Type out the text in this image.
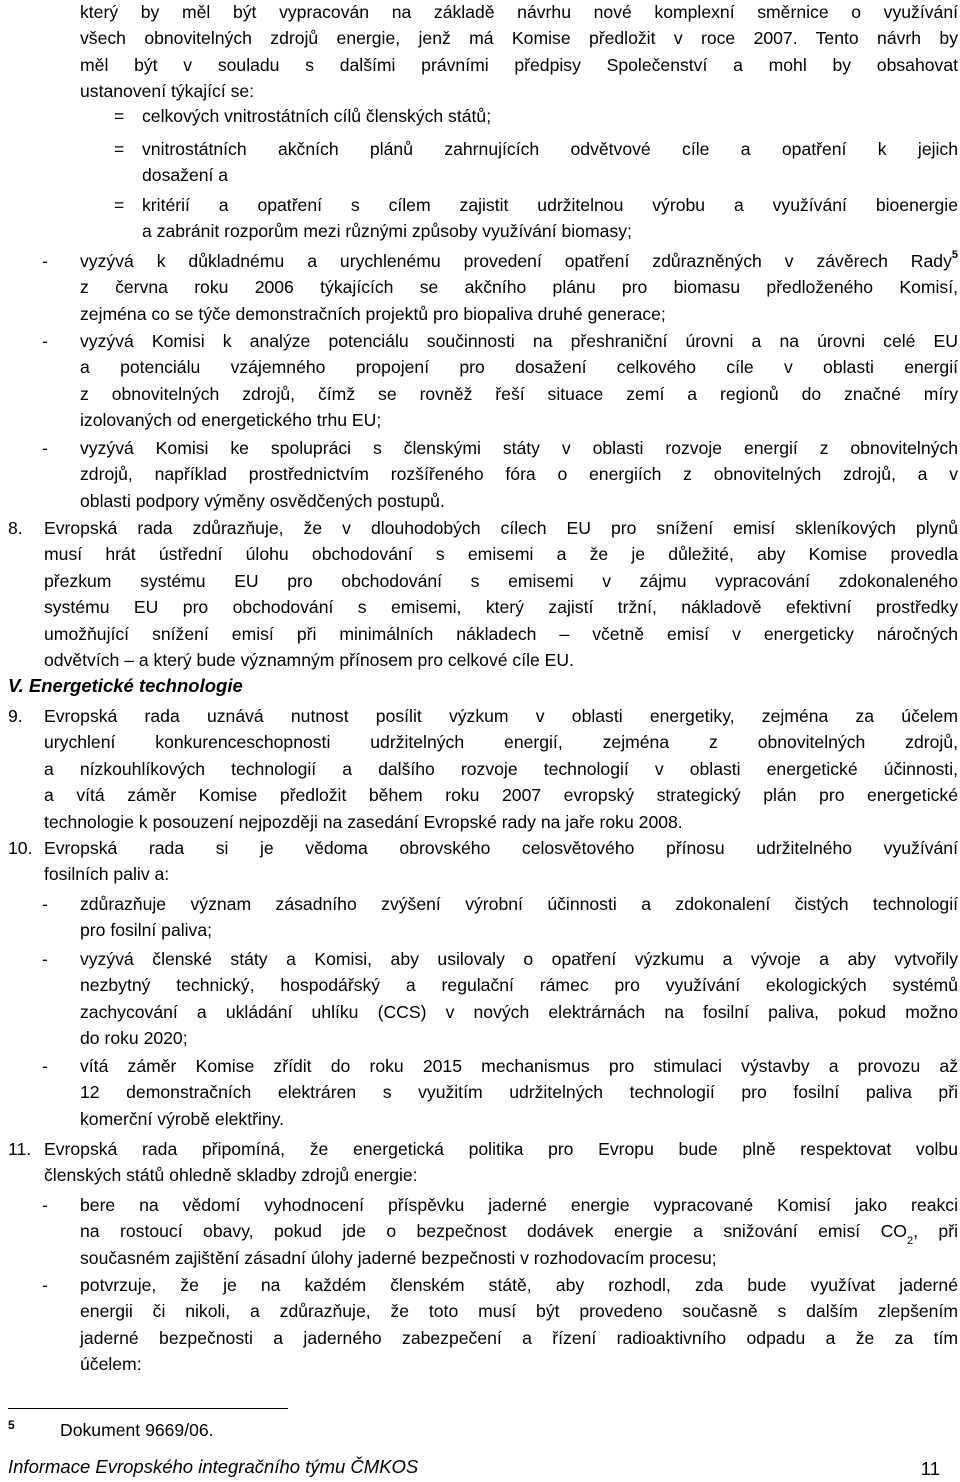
který by měl být vypracován na základě návrhu nové komplexní směrnice o využívání
všech obnovitelných zdrojů energie, jenž má Komise předložit v roce 2007. Tento návrh by
měl být v souladu s dalšími právními předpisy Společenství a mohl by obsahovat
ustanovení týkající se:
= celkových vnitrostátních cílů členských států;
= vnitrostátních akčních plánů zahrnujících odvětvové cíle a opatření k jejich
dosažení a
= kritérií a opatření s cílem zajistit udržitelnou výrobu a využívání bioenergie
a zabránit rozporům mezi různými způsoby využívání biomasy;
- vyzývá k důkladnému a urychlenému provedení opatření zdůrazněných v závěrech Rady$^5$
z června roku 2006 týkajících se akčního plánu pro biomasu předloženého Komisí,
zejména co se týče demonstračních projektů pro biopaliva druhé generace;
- vyzývá Komisi k analýze potenciálu součinnosti na přeshraniční úrovni a na úrovni celé EU
a potenciálu vzájemného propojení pro dosažení celkového cíle v oblasti energií
z obnovitelných zdrojů, čímž se rovněž řeší situace zemí a regionů do značné míry
izolovaných od energetického trhu EU;
- vyzývá Komisi ke spolupráci s členskými státy v oblasti rozvoje energií z obnovitelných
zdrojů, například prostřednictvím rozšířeného fóra o energiích z obnovitelných zdrojů, a v
oblasti podpory výměny osvědčených postupů.
8. Evropská rada zdůrazňuje, že v dlouhodobých cílech EU pro snížení emisí skleníkových plynů
musí hrát ústřední úlohu obchodování s emisemi a že je důležité, aby Komise provedla
přezkum systému EU pro obchodování s emisemi v zájmu vypracování zdokonaleného
systému EU pro obchodování s emisemi, který zajistí tržní, nákladově efektivní prostředky
umožňující snížení emisí při minimálních nákladech – včetně emisí v energeticky náročných
odvětvích – a který bude významným přínosem pro celkové cíle EU.
V. Energetické technologie
9. Evropská rada uznává nutnost posílit výzkum v oblasti energetiky, zejména za účelem
urychlení konkurenceschopnosti udržitelných energií, zejména z obnovitelných zdrojů,
a nízkouhlíkových technologií a dalšího rozvoje technologií v oblasti energetické účinnosti,
a vítá záměr Komise předložit během roku 2007 evropský strategický plán pro energetické
technologie k posouzení nejpozději na zasedání Evropské rady na jaře roku 2008.
10. Evropská rada si je vědoma obrovského celosvětového přínosu udržitelného využívání
fosilních paliv a:
- zdůrazňuje význam zásadního zvýšení výrobní účinnosti a zdokonalení čistých technologií
pro fosilní paliva;
- vyzývá členské státy a Komisi, aby usilovaly o opatření výzkumu a vývoje a aby vytvořily
nezbytný technický, hospodářský a regulační rámec pro využívání ekologických systémů
zachycování a ukládání uhlíku (CCS) v nových elektrárnách na fosilní paliva, pokud možno
do roku 2020;
- vítá záměr Komise zřídit do roku 2015 mechanismus pro stimulaci výstavby a provozu až
12 demonstračních elektráren s využitím udržitelných technologií pro fosilní paliva při
komerční výrobě elektřiny.
11. Evropská rada připomíná, že energetická politika pro Evropu bude plně respektovat volbu
členských států ohledně skladby zdrojů energie:
- bere na vědomí vyhodnocení příspěvku jaderné energie vypracované Komisí jako reakci
na rostoucí obavy, pokud jde o bezpečnost dodávek energie a snižování emisí $CO_2$, při
současném zajištění zásadní úlohy jaderné bezpečnosti v rozhodovacím procesu;
- potvrzuje, že je na každém členském státě, aby rozhodl, zda bude využívat jaderné
energii či nikoli, a zdůrazňuje, že toto musí být provedeno současně s dalším zlepšením
jaderné bezpečnosti a jaderného zabezpečení a řízení radioaktivního odpadu a že za tím
účelem:
5	Dokument 9669/06.
Informace Evropského integračního týmu ČMKOS	11
